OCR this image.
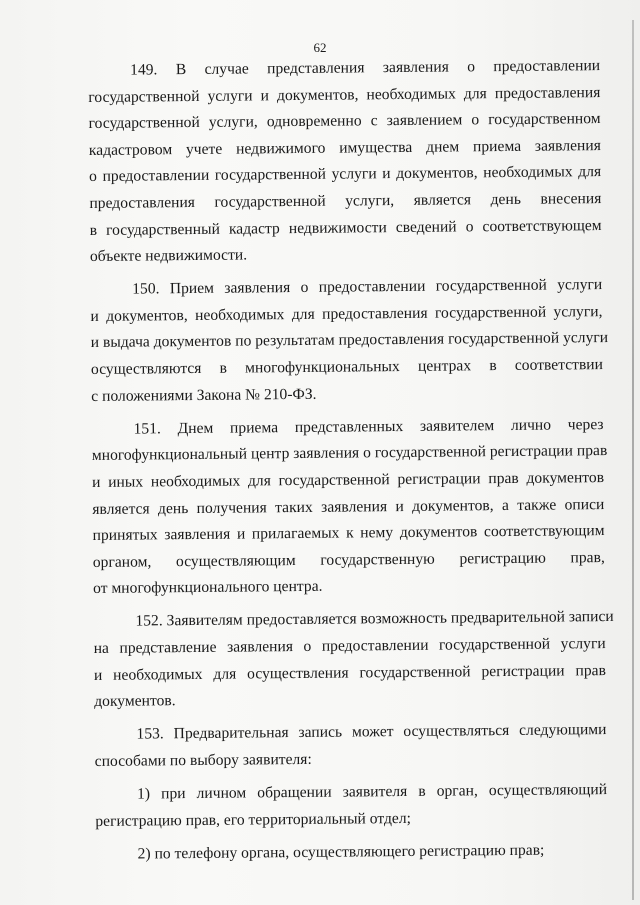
62
149. В случае представления заявления о предоставлении
государственной услуги и документов, необходимых для предоставления
государственной услуги, одновременно с заявлением о государственном
кадастровом учете недвижимого имущества днем приема заявления
о предоставлении государственной услуги и документов, необходимых для
предоставления государственной услуги, является день внесения
в государственный кадастр недвижимости сведений о соответствующем
объекте недвижимости.
150. Прием заявления о предоставлении государственной услуги
и документов, необходимых для предоставления государственной услуги,
и выдача документов по результатам предоставления государственной услуги
осуществляются в многофункциональных центрах в соответствии
с положениями Закона № 210-ФЗ.
151. Днем приема представленных заявителем лично через
многофункциональный центр заявления о государственной регистрации прав
и иных необходимых для государственной регистрации прав документов
является день получения таких заявления и документов, а также описи
принятых заявления и прилагаемых к нему документов соответствующим
органом, осуществляющим государственную регистрацию прав,
от многофункционального центра.
152. Заявителям предоставляется возможность предварительной записи
на представление заявления о предоставлении государственной услуги
и необходимых для осуществления государственной регистрации прав
документов.
153. Предварительная запись может осуществляться следующими
способами по выбору заявителя:
1) при личном обращении заявителя в орган, осуществляющий
регистрацию прав, его территориальный отдел;
2) по телефону органа, осуществляющего регистрацию прав;
